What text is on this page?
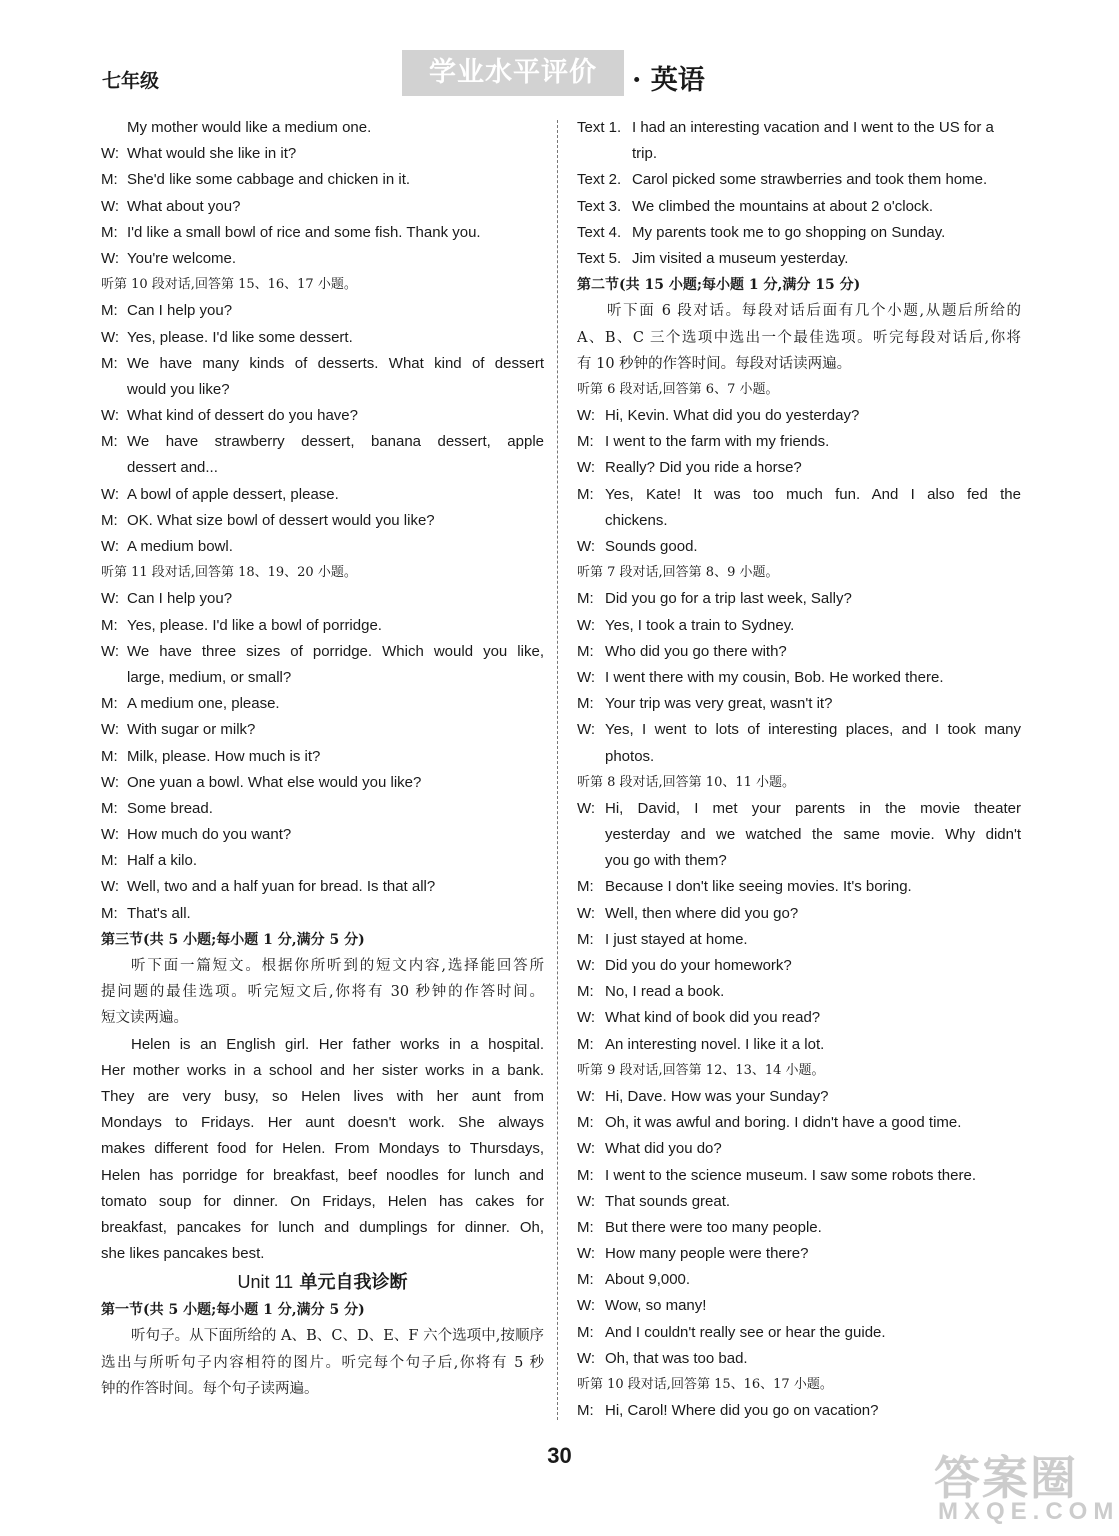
七年级	学业水平评价	· 英语
My mother would like a medium one.
W: What would she like in it?
M: She'd like some cabbage and chicken in it.
W: What about you?
M: I'd like a small bowl of rice and some fish. Thank you.
W: You're welcome.
听第 10 段对话,回答第 15、16、17 小题。
M: Can I help you?
W: Yes, please. I'd like some dessert.
M: We have many kinds of desserts. What kind of dessert
would you like?
W: What kind of dessert do you have?
M: We have strawberry dessert, banana dessert, apple
dessert and...
W: A bowl of apple dessert, please.
M: OK. What size bowl of dessert would you like?
W: A medium bowl.
听第 11 段对话,回答第 18、19、20 小题。
W: Can I help you?
M: Yes, please. I'd like a bowl of porridge.
W: We have three sizes of porridge. Which would you like,
large, medium, or small?
M: A medium one, please.
W: With sugar or milk?
M: Milk, please. How much is it?
W: One yuan a bowl. What else would you like?
M: Some bread.
W: How much do you want?
M: Half a kilo.
W: Well, two and a half yuan for bread. Is that all?
M: That's all.
第三节(共 5 小题;每小题 1 分,满分 5 分)
听下面一篇短文。根据你所听到的短文内容,选择能回答所
提问题的最佳选项。听完短文后,你将有 30 秒钟的作答时间。
短文读两遍。
Helen is an English girl. Her father works in a hospital.
Her mother works in a school and her sister works in a bank.
They are very busy, so Helen lives with her aunt from
Mondays to Fridays. Her aunt doesn't work. She always
makes different food for Helen. From Mondays to Thursdays,
Helen has porridge for breakfast, beef noodles for lunch and
tomato soup for dinner. On Fridays, Helen has cakes for
breakfast, pancakes for lunch and dumplings for dinner. Oh,
she likes pancakes best.
Unit 11 单元自我诊断
第一节(共 5 小题;每小题 1 分,满分 5 分)
听句子。从下面所给的 A、B、C、D、E、F 六个选项中,按顺序
选出与所听句子内容相符的图片。听完每个句子后,你将有 5 秒
钟的作答时间。每个句子读两遍。
Text 1. I had an interesting vacation and I went to the US for a
trip.
Text 2. Carol picked some strawberries and took them home.
Text 3. We climbed the mountains at about 2 o'clock.
Text 4. My parents took me to go shopping on Sunday.
Text 5. Jim visited a museum yesterday.
第二节(共 15 小题;每小题 1 分,满分 15 分)
听下面 6 段对话。每段对话后面有几个小题,从题后所给的
A、B、C 三个选项中选出一个最佳选项。听完每段对话后,你将
有 10 秒钟的作答时间。每段对话读两遍。
听第 6 段对话,回答第 6、7 小题。
W: Hi, Kevin. What did you do yesterday?
M: I went to the farm with my friends.
W: Really? Did you ride a horse?
M: Yes, Kate! It was too much fun. And I also fed the
chickens.
W: Sounds good.
听第 7 段对话,回答第 8、9 小题。
M: Did you go for a trip last week, Sally?
W: Yes, I took a train to Sydney.
M: Who did you go there with?
W: I went there with my cousin, Bob. He worked there.
M: Your trip was very great, wasn't it?
W: Yes, I went to lots of interesting places, and I took many
photos.
听第 8 段对话,回答第 10、11 小题。
W: Hi, David, I met your parents in the movie theater
yesterday and we watched the same movie. Why didn't
you go with them?
M: Because I don't like seeing movies. It's boring.
W: Well, then where did you go?
M: I just stayed at home.
W: Did you do your homework?
M: No, I read a book.
W: What kind of book did you read?
M: An interesting novel. I like it a lot.
听第 9 段对话,回答第 12、13、14 小题。
W: Hi, Dave. How was your Sunday?
M: Oh, it was awful and boring. I didn't have a good time.
W: What did you do?
M: I went to the science museum. I saw some robots there.
W: That sounds great.
M: But there were too many people.
W: How many people were there?
M: About 9,000.
W: Wow, so many!
M: And I couldn't really see or hear the guide.
W: Oh, that was too bad.
听第 10 段对话,回答第 15、16、17 小题。
M: Hi, Carol! Where did you go on vacation?
30	答案圈
MXQE.COM
